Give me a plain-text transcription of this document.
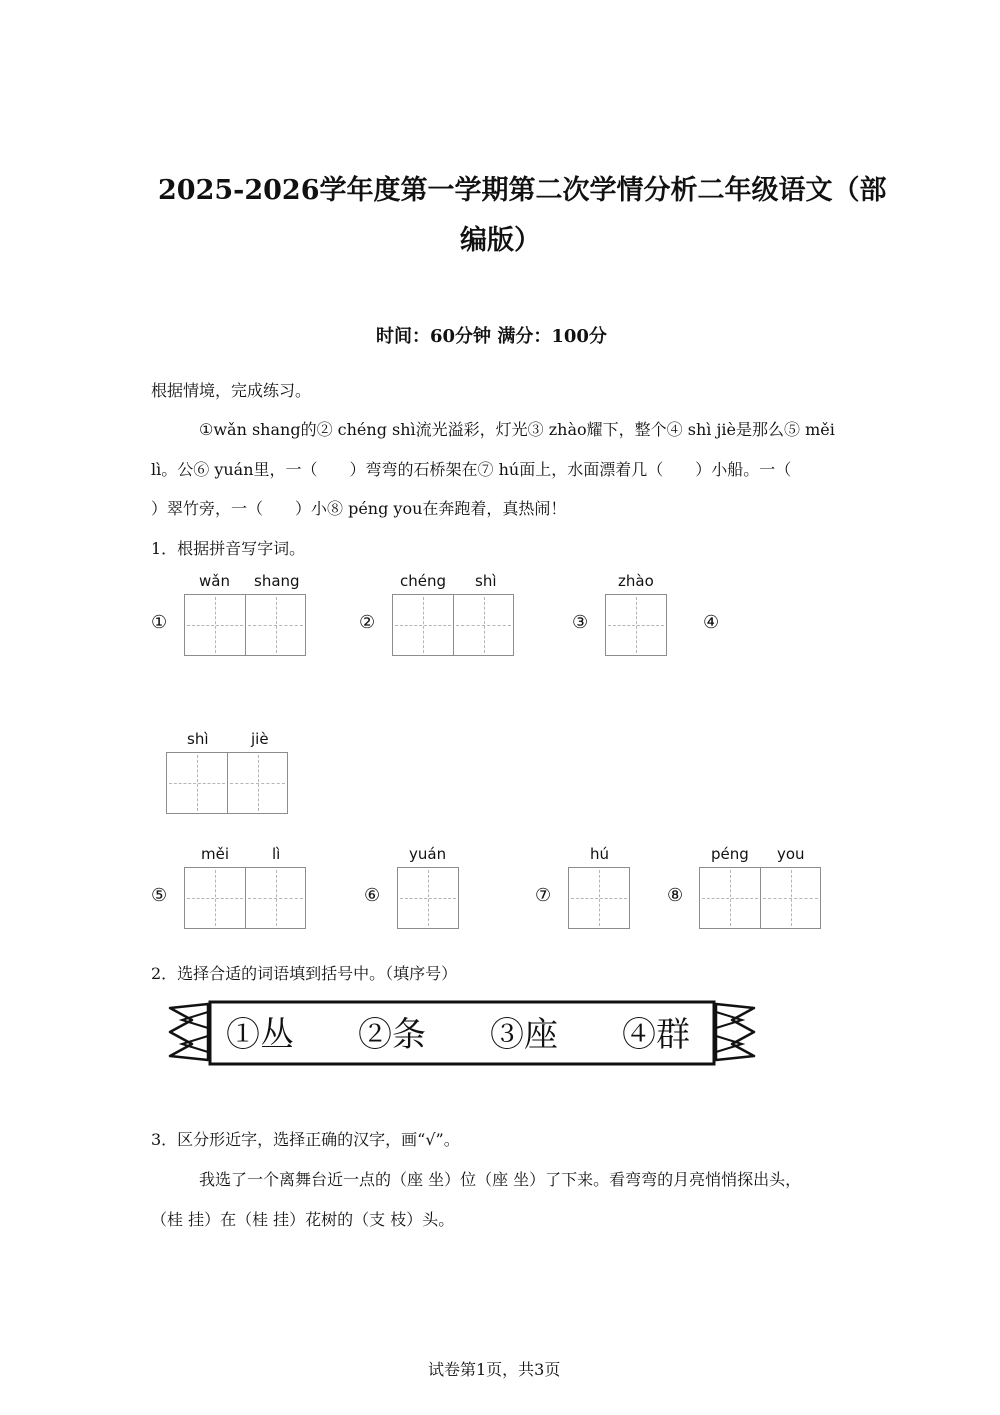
2025-2026学年度第一学期第二次学情分析二年级语文（部
编版）
时间：60分钟 满分：100分
根据情境，完成练习。
①wǎn shang的② chéng shì流光溢彩，灯光③ zhào耀下，整个④ shì jiè是那么⑤ měi
lì。公⑥ yuán里，一（　　）弯弯的石桥架在⑦ hú面上，水面漂着几（　　）小船。一（
）翠竹旁，一（　　）小⑧ péng you在奔跑着，真热闹！
1．根据拼音写字词。
①
wǎn shang
②
chéng shì
③
zhào
④
shì	jiè
⑤
měi	lì
⑥
yuán
⑦
hú
⑧
péng you
2．选择合适的词语填到括号中。（填序号）
①丛 ②条 ③座 ④群
3．区分形近字，选择正确的汉字，画“√”。
我选了一个离舞台近一点的（座 坐）位（座 坐）了下来。看弯弯的月亮悄悄探出头，
（桂 挂）在（桂 挂）花树的（支 枝）头。
试卷第1页，共3页
